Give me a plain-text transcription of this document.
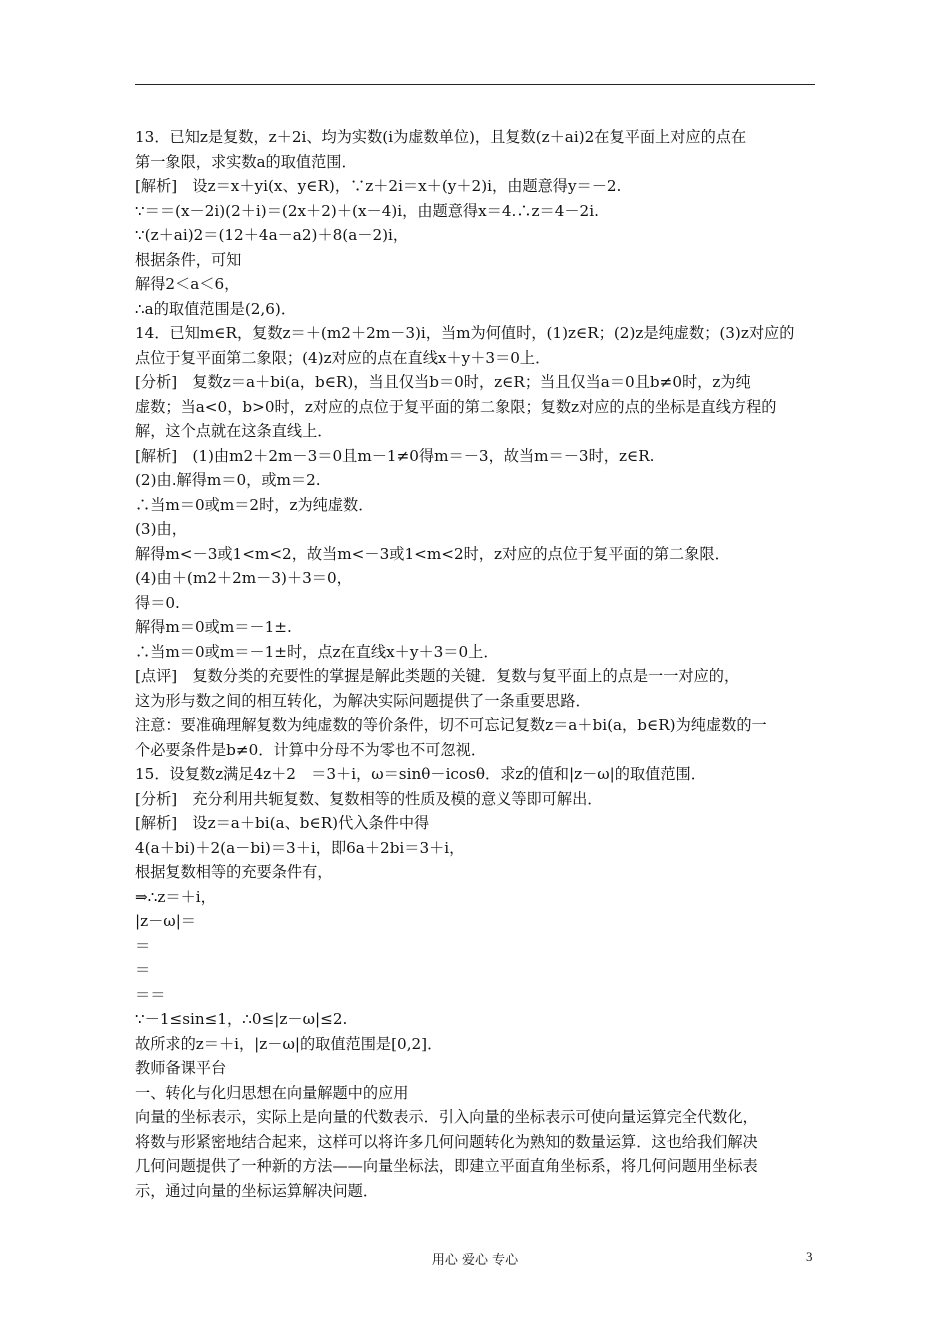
13．已知z是复数，z＋2i、均为实数(i为虚数单位)，且复数(z＋ai)2在复平面上对应的点在
第一象限，求实数a的取值范围．
[解析]　设z＝x＋yi(x、y∈R)，∵z＋2i＝x＋(y＋2)i，由题意得y＝－2.
∵＝＝(x－2i)(2＋i)＝(2x＋2)＋(x－4)i，由题意得x＝4.∴z＝4－2i.
∵(z＋ai)2＝(12＋4a－a2)＋8(a－2)i，
根据条件，可知
解得2＜a＜6，
∴a的取值范围是(2,6)．
14．已知m∈R，复数z＝＋(m2＋2m－3)i，当m为何值时，(1)z∈R；(2)z是纯虚数；(3)z对应的
点位于复平面第二象限；(4)z对应的点在直线x＋y＋3＝0上．
[分析]　复数z＝a＋bi(a，b∈R)，当且仅当b＝0时，z∈R；当且仅当a＝0且b≠0时，z为纯
虚数；当a<0，b>0时，z对应的点位于复平面的第二象限；复数z对应的点的坐标是直线方程的
解，这个点就在这条直线上．
[解析]　(1)由m2＋2m－3＝0且m－1≠0得m＝－3，故当m＝－3时，z∈R.
(2)由.解得m＝0，或m＝2.
∴当m＝0或m＝2时，z为纯虚数．
(3)由，
解得m<－3或1<m<2，故当m<－3或1<m<2时，z对应的点位于复平面的第二象限．
(4)由＋(m2＋2m－3)＋3＝0，
得＝0.
解得m＝0或m＝－1±.
∴当m＝0或m＝－1±时，点z在直线x＋y＋3＝0上．
[点评]　复数分类的充要性的掌握是解此类题的关键．复数与复平面上的点是一一对应的，
这为形与数之间的相互转化，为解决实际问题提供了一条重要思路．
注意：要准确理解复数为纯虚数的等价条件，切不可忘记复数z＝a＋bi(a，b∈R)为纯虚数的一
个必要条件是b≠0．计算中分母不为零也不可忽视．
15．设复数z满足4z＋2　＝3＋i，ω＝sinθ－icosθ．求z的值和|z－ω|的取值范围．
[分析]　充分利用共轭复数、复数相等的性质及模的意义等即可解出．
[解析]　设z＝a＋bi(a、b∈R)代入条件中得
4(a＋bi)＋2(a－bi)＝3＋i，即6a＋2bi＝3＋i，
根据复数相等的充要条件有，
⇒∴z＝＋i，
|z－ω|＝
＝
＝
＝＝
∵－1≤sin≤1，∴0≤|z－ω|≤2.
故所求的z＝＋i，|z－ω|的取值范围是[0,2]．
教师备课平台
一、转化与化归思想在向量解题中的应用
向量的坐标表示，实际上是向量的代数表示．引入向量的坐标表示可使向量运算完全代数化，
将数与形紧密地结合起来，这样可以将许多几何问题转化为熟知的数量运算．这也给我们解决
几何问题提供了一种新的方法——向量坐标法，即建立平面直角坐标系，将几何问题用坐标表
示，通过向量的坐标运算解决问题．
用心 爱心 专心	3
